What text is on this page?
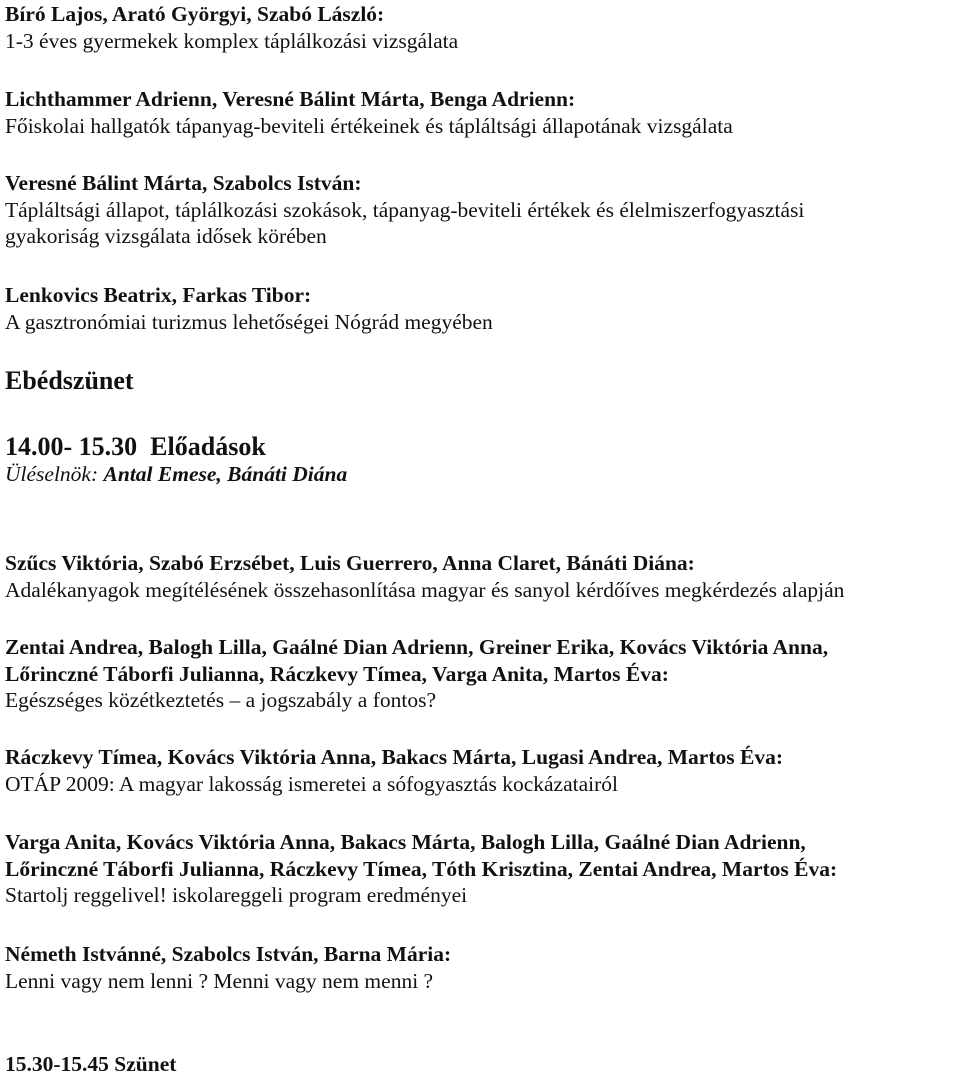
Bíró Lajos, Arató Györgyi, Szabó László:
1-3 éves gyermekek komplex táplálkozási vizsgálata
Lichthammer Adrienn, Veresné Bálint Márta, Benga Adrienn:
Főiskolai hallgatók tápanyag-beviteli értékeinek és tápláltsági állapotának vizsgálata
Veresné Bálint Márta, Szabolcs István:
Tápláltsági állapot, táplálkozási szokások, tápanyag-beviteli értékek és élelmiszerfogyasztási
gyakoriság vizsgálata idősek körében
Lenkovics Beatrix, Farkas Tibor:
A gasztronómiai turizmus lehetőségei Nógrád megyében
Ebédszünet
14.00- 15.30 Előadások
Üléselnök: Antal Emese, Bánáti Diána
Szűcs Viktória, Szabó Erzsébet, Luis Guerrero, Anna Claret, Bánáti Diána:
Adalékanyagok megítélésének összehasonlítása magyar és sanyol kérdőíves megkérdezés alapján
Zentai Andrea, Balogh Lilla, Gaálné Dian Adrienn, Greiner Erika, Kovács Viktória Anna,
Lőrinczné Táborfi Julianna, Ráczkevy Tímea, Varga Anita, Martos Éva:
Egészséges közétkeztetés – a jogszabály a fontos?
Ráczkevy Tímea, Kovács Viktória Anna, Bakacs Márta, Lugasi Andrea, Martos Éva:
OTÁP 2009: A magyar lakosság ismeretei a sófogyasztás kockázatairól
Varga Anita, Kovács Viktória Anna, Bakacs Márta, Balogh Lilla, Gaálné Dian Adrienn,
Lőrinczné Táborfi Julianna, Ráczkevy Tímea, Tóth Krisztina, Zentai Andrea, Martos Éva:
Startolj reggelivel! iskolareggeli program eredményei
Németh Istvánné, Szabolcs István, Barna Mária:
Lenni vagy nem lenni ? Menni vagy nem menni ?
15.30-15.45 Szünet
